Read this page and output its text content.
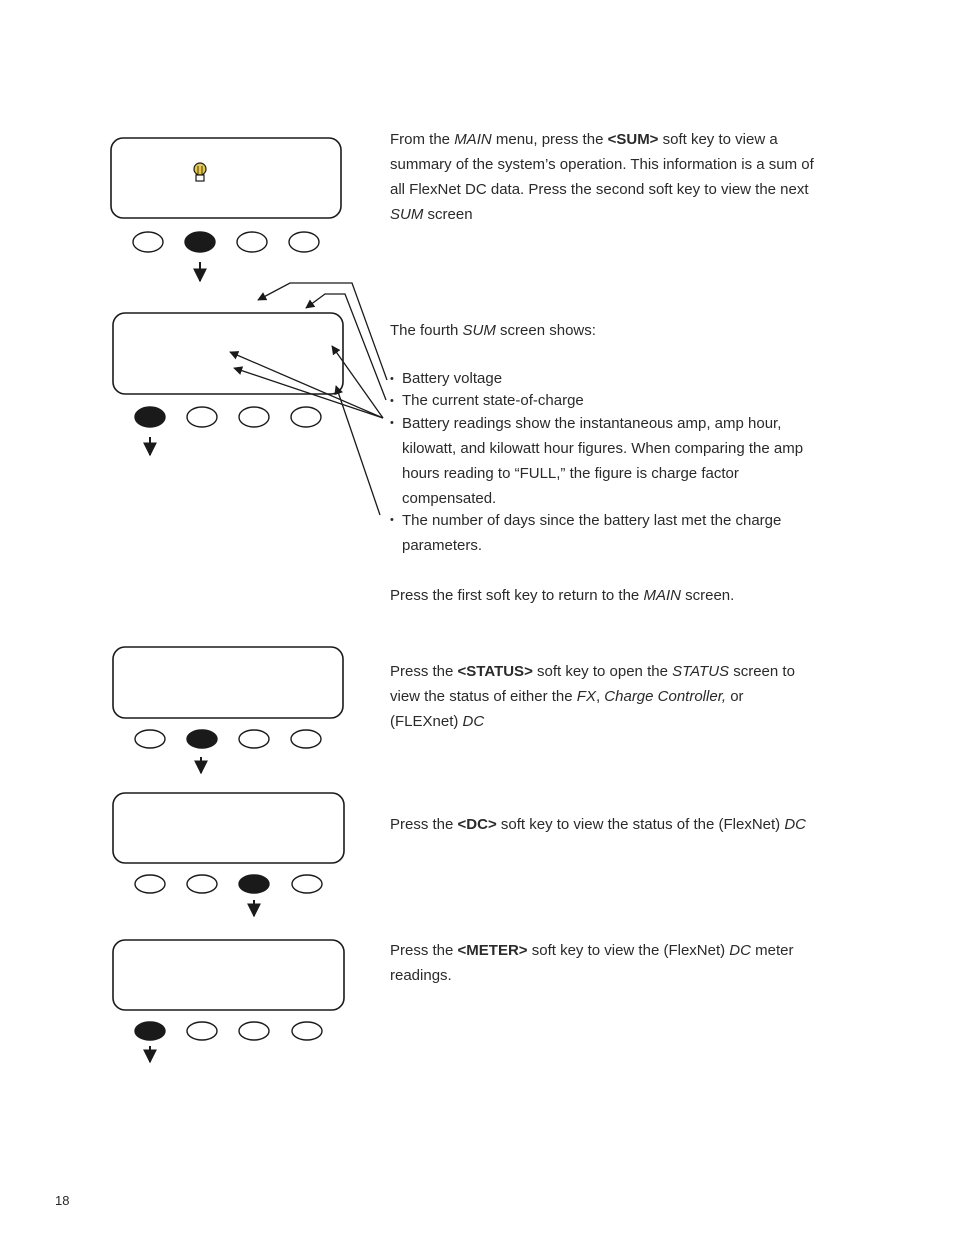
From the MAIN menu, press the <SUM> soft key to view a summary of the system’s operation. This information is a sum of all FlexNet DC data. Press the second soft key to view the next SUM screen
The fourth SUM screen shows:
• Battery voltage
• The current state-of-charge
• Battery readings show the instantaneous amp, amp hour, kilowatt, and kilowatt hour figures. When comparing the amp hours reading to “FULL,” the figure is charge factor compensated.
• The number of days since the battery last met the charge parameters.
Press the first soft key to return to the MAIN screen.
Press the <STATUS> soft key to open the STATUS screen to view the status of either the FX, Charge Controller, or (FLEXnet) DC
Press the <DC> soft key to view the status of the (FlexNet) DC
Press the <METER> soft key to view the (FlexNet) DC meter readings.
18
